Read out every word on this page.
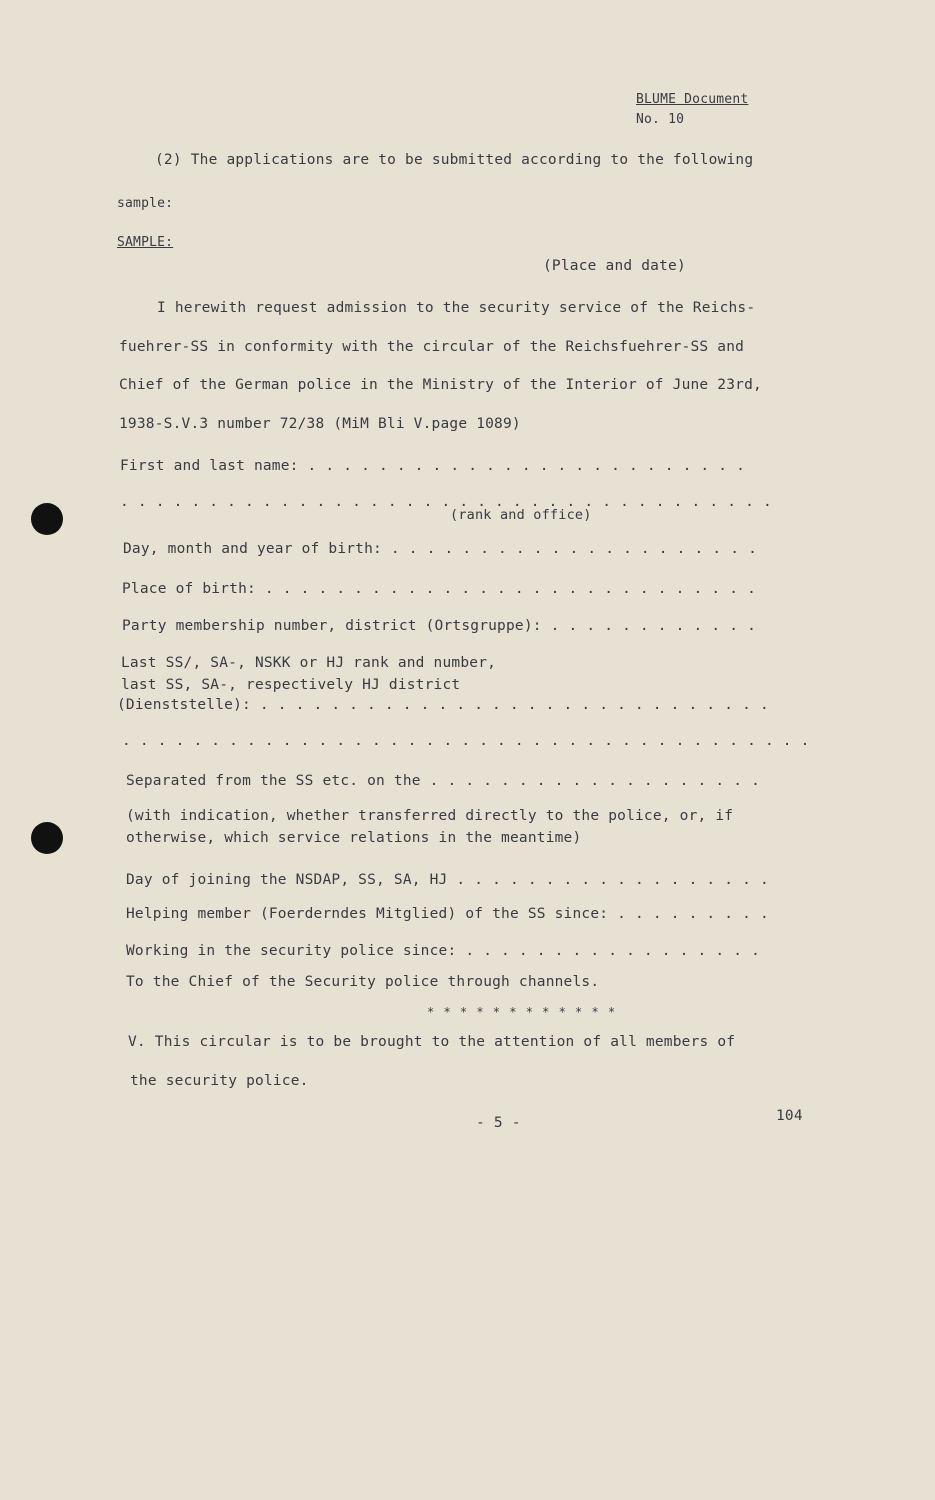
BLUME Document
No. 10
(2) The applications are to be submitted according to the following
sample:
SAMPLE:
(Place and date)
I herewith request admission to the security service of the Reichs-
fuehrer-SS in conformity with the circular of the Reichsfuehrer-SS and
Chief of the German police in the Ministry of the Interior of June 23rd,
1938-S.V.3 number 72/38 (MiM Bli V.page 1089)
First and last name: . . . . . . . . . . . . . . . . . . . . . . . . .
. . . . . . . . . . . . . . . . . . . . . . . . . . . . . . . . . . . . .
(rank and office)
Day, month and year of birth: . . . . . . . . . . . . . . . . . . . . .
Place of birth: . . . . . . . . . . . . . . . . . . . . . . . . . . . .
Party membership number, district (Ortsgruppe): . . . . . . . . . . . .
Last SS/, SA-, NSKK or HJ rank and number,
last SS, SA-, respectively HJ district
(Dienststelle): . . . . . . . . . . . . . . . . . . . . . . . . . . . . .
. . . . . . . . . . . . . . . . . . . . . . . . . . . . . . . . . . . . . . .
Separated from the SS etc. on the . . . . . . . . . . . . . . . . . . .
(with indication, whether transferred directly to the police, or, if
otherwise, which service relations in the meantime)
Day of joining the NSDAP, SS, SA, HJ . . . . . . . . . . . . . . . . . .
Helping member (Foerderndes Mitglied) of the SS since: . . . . . . . . .
Working in the security police since: . . . . . . . . . . . . . . . . .
To the Chief of the Security police through channels.
* * * * * * * * * * * *
V. This circular is to be brought to the attention of all members of
the security police.
- 5 -	104
